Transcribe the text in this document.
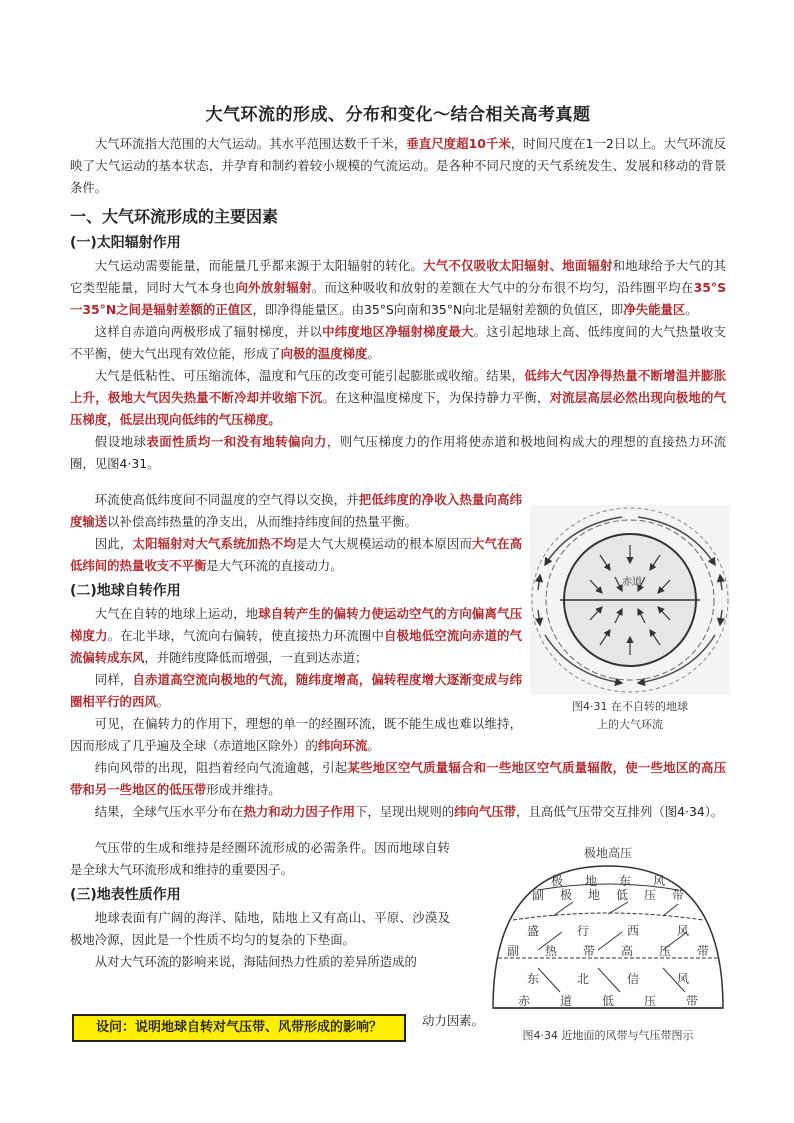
大气环流的形成、分布和变化～结合相关高考真题

大气环流指大范围的大气运动。其水平范围达数千千米，垂直尺度超10千米，时间尺度在1一2日以上。大气环流反映了大气运动的基本状态，并孕育和制约着较小规模的气流运动。是各种不同尺度的天气系统发生、发展和移动的背景条件。

一、大气环流形成的主要因素
(一)太阳辐射作用

大气运动需要能量，而能量几乎都来源于太阳辐射的转化。大气不仅吸收太阳辐射、地面辐射和地球给予大气的其它类型能量，同时大气本身也向外放射辐射。而这种吸收和放射的差额在大气中的分布很不均匀，沿纬圈平均在35°S 一35°N之间是辐射差额的正值区，即净得能量区。由35°S向南和35°N向北是辐射差额的负值区，即净失能量区。

这样自赤道向两极形成了辐射梯度，并以中纬度地区净辐射梯度最大。这引起地球上高、低纬度间的大气热量收支不平衡，使大气出现有效位能，形成了向极的温度梯度。

大气是低粘性、可压缩流体，温度和气压的改变可能引起膨胀或收缩。结果，低纬大气因净得热量不断增温并膨胀上升，极地大气因失热量不断冷却并收缩下沉。在这种温度梯度下，为保持静力平衡，对流层高层必然出现向极地的气压梯度，低层出现向低纬的气压梯度。

假设地球表面性质均一和没有地转偏向力，则气压梯度力的作用将使赤道和极地间构成大的理想的直接热力环流圈，见图4·31。

环流使高低纬度间不同温度的空气得以交换，并把低纬度的净收入热量向高纬度输送以补偿高纬热量的净支出，从而维持纬度间的热量平衡。

因此，太阳辐射对大气系统加热不均是大气大规模运动的根本原因而大气在高低纬间的热量收支不平衡是大气环流的直接动力。

(二)地球自转作用

大气在自转的地球上运动，地球自转产生的偏转力使运动空气的方向偏离气压梯度力。在北半球，气流向右偏转，使直接热力环流圈中自极地低空流向赤道的气流偏转成东风，并随纬度降低而增强，一直到达赤道；

同样，自赤道高空流向极地的气流，随纬度增高，偏转程度增大逐渐变成与纬圈相平行的西风。

可见，在偏转力的作用下，理想的单一的经圈环流，既不能生成也难以维持，因而形成了几乎遍及全球（赤道地区除外）的纬向环流。

纬向风带的出现，阻挡着经向气流逾越，引起某些地区空气质量辐合和一些地区空气质量辐散，使一些地区的高压带和另一些地区的低压带形成并维持。

结果，全球气压水平分布在热力和动力因子作用下，呈现出规则的纬向气压带，且高低气压带交互排列（图4·34）。

气压带的生成和维持是经圈环流形成的必需条件。因而地球自转是全球大气环流形成和维持的重要因子。

(三)地表性质作用

地球表面有广阔的海洋、陆地，陆地上又有高山、平原、沙漠及极地冷源，因此是一个性质不均匀的复杂的下垫面。

从对大气环流的影响来说，海陆间热力性质的差异所造成的

动力因素。
赤道
图4·31 在不自转的地球
上的大气环流
极地高压
极 地 东 风
副 极 地 低 压 带
盛	行	西	风
副 热 带 高 压 带
东	北	信	风
赤	道	低	压	带
图4·34 近地面的风带与气压带图示
设问：说明地球自转对气压带、风带形成的影响？
